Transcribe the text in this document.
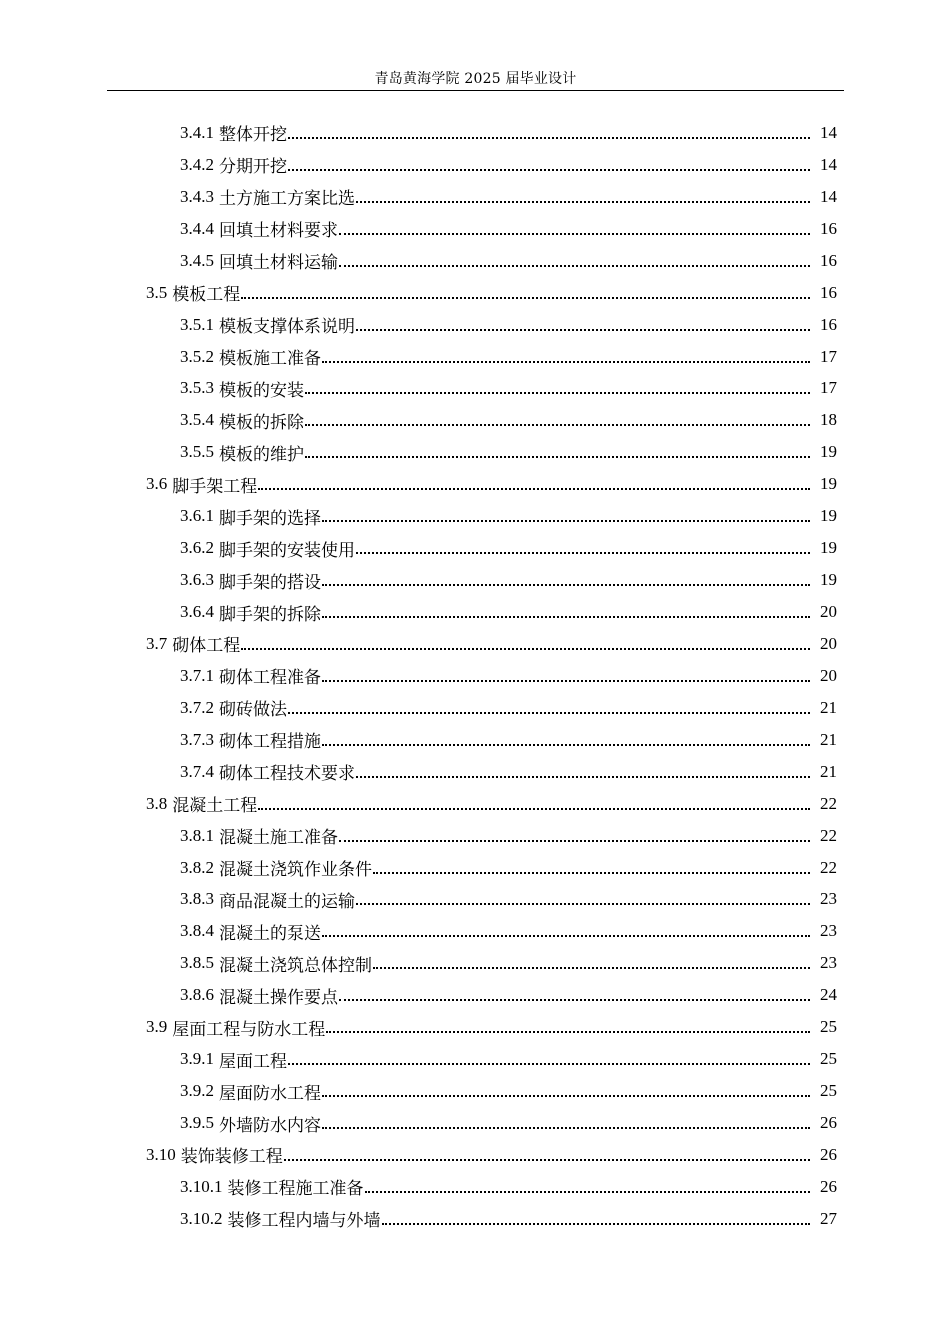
青岛黄海学院 2025 届毕业设计
3.4.1 整体开挖	14
3.4.2 分期开挖	14
3.4.3 土方施工方案比选	14
3.4.4 回填土材料要求	16
3.4.5 回填土材料运输	16
3.5 模板工程	16
3.5.1 模板支撑体系说明	16
3.5.2 模板施工准备	17
3.5.3 模板的安装	17
3.5.4 模板的拆除	18
3.5.5 模板的维护	19
3.6 脚手架工程	19
3.6.1 脚手架的选择	19
3.6.2 脚手架的安装使用	19
3.6.3 脚手架的搭设	19
3.6.4 脚手架的拆除	20
3.7 砌体工程	20
3.7.1 砌体工程准备	20
3.7.2 砌砖做法	21
3.7.3 砌体工程措施	21
3.7.4 砌体工程技术要求	21
3.8 混凝土工程	22
3.8.1 混凝土施工准备	22
3.8.2 混凝土浇筑作业条件	22
3.8.3 商品混凝土的运输	23
3.8.4 混凝土的泵送	23
3.8.5 混凝土浇筑总体控制	23
3.8.6 混凝土操作要点	24
3.9 屋面工程与防水工程	25
3.9.1 屋面工程	25
3.9.2 屋面防水工程	25
3.9.5 外墙防水内容	26
3.10 装饰装修工程	26
3.10.1 装修工程施工准备	26
3.10.2 装修工程内墙与外墙	27
